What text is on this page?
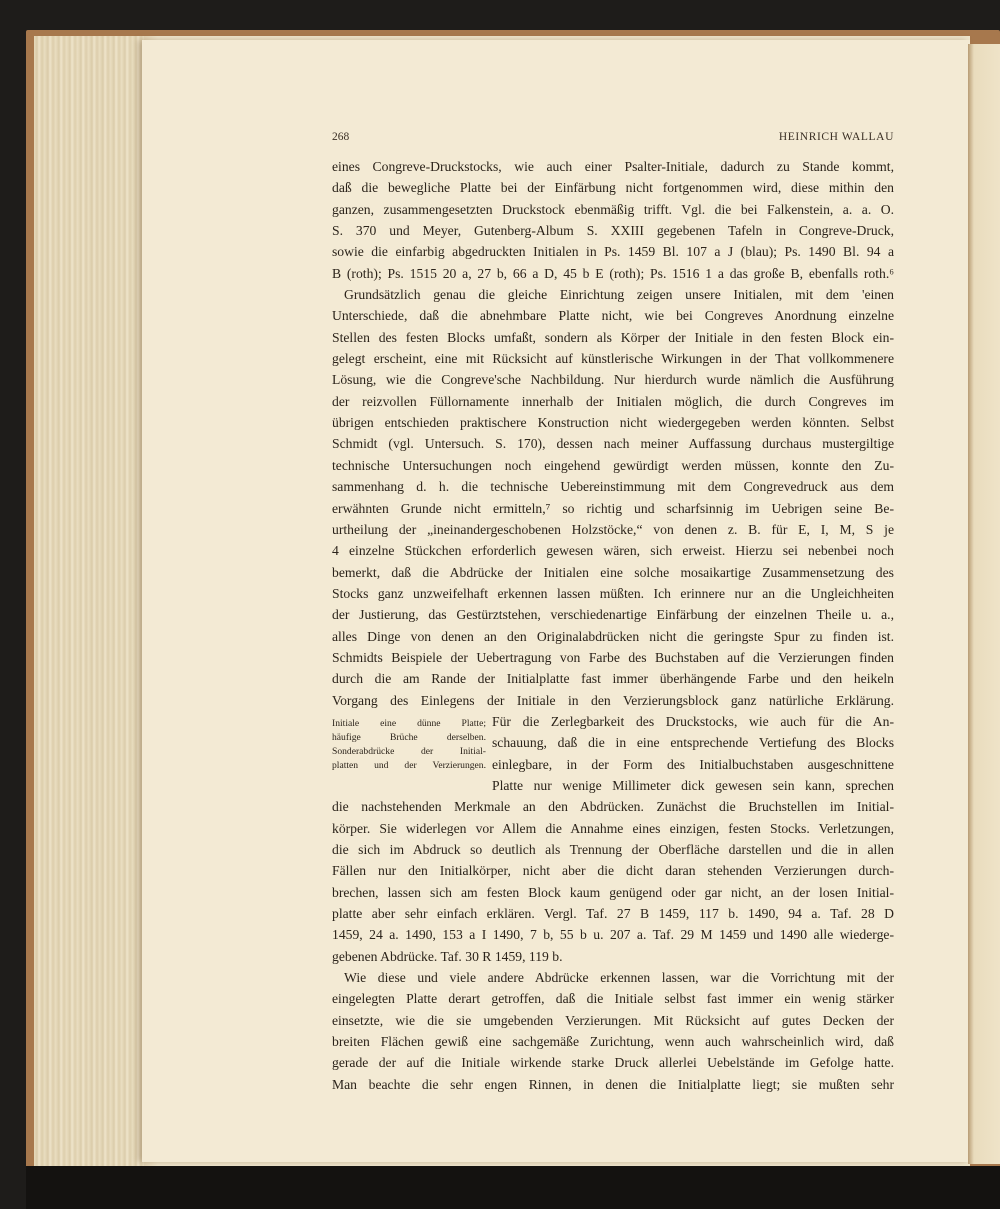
268	HEINRICH WALLAU
eines Congreve-Druckstocks, wie auch einer Psalter-Initiale, dadurch zu Stande kommt,
daß die bewegliche Platte bei der Einfärbung nicht fortgenommen wird, diese mithin den
ganzen, zusammengesetzten Druckstock ebenmäßig trifft. Vgl. die bei Falkenstein, a. a. O.
S. 370 und Meyer, Gutenberg-Album S. XXIII gegebenen Tafeln in Congreve-Druck,
sowie die einfarbig abgedruckten Initialen in Ps. 1459 Bl. 107 a J (blau); Ps. 1490 Bl. 94 a
B (roth); Ps. 1515 20 a, 27 b, 66 a D, 45 b E (roth); Ps. 1516 1 a das große B, ebenfalls roth.⁶
Grundsätzlich genau die gleiche Einrichtung zeigen unsere Initialen, mit dem 'einen
Unterschiede, daß die abnehmbare Platte nicht, wie bei Congreves Anordnung einzelne
Stellen des festen Blocks umfaßt, sondern als Körper der Initiale in den festen Block ein-
gelegt erscheint, eine mit Rücksicht auf künstlerische Wirkungen in der That vollkommenere
Lösung, wie die Congreve'sche Nachbildung. Nur hierdurch wurde nämlich die Ausführung
der reizvollen Füllornamente innerhalb der Initialen möglich, die durch Congreves im
übrigen entschieden praktischere Konstruction nicht wiedergegeben werden könnten. Selbst
Schmidt (vgl. Untersuch. S. 170), dessen nach meiner Auffassung durchaus mustergiltige
technische Untersuchungen noch eingehend gewürdigt werden müssen, konnte den Zu-
sammenhang d. h. die technische Uebereinstimmung mit dem Congrevedruck aus dem
erwähnten Grunde nicht ermitteln,⁷ so richtig und scharfsinnig im Uebrigen seine Be-
urtheilung der „ineinandergeschobenen Holzstöcke,“ von denen z. B. für E, I, M, S je
4 einzelne Stückchen erforderlich gewesen wären, sich erweist. Hierzu sei nebenbei noch
bemerkt, daß die Abdrücke der Initialen eine solche mosaikartige Zusammensetzung des
Stocks ganz unzweifelhaft erkennen lassen müßten. Ich erinnere nur an die Ungleichheiten
der Justierung, das Gestürztstehen, verschiedenartige Einfärbung der einzelnen Theile u. a.,
alles Dinge von denen an den Originalabdrücken nicht die geringste Spur zu finden ist.
Schmidts Beispiele der Uebertragung von Farbe des Buchstaben auf die Verzierungen finden
durch die am Rande der Initialplatte fast immer überhängende Farbe und den heikeln
Vorgang des Einlegens der Initiale in den Verzierungsblock ganz natürliche Erklärung.
Initiale eine dünne Platte;
häufige Brüche derselben.
Sonderabdrücke der Initial-
platten und der Verzierungen.
Für die Zerlegbarkeit des Druckstocks, wie auch für die An-
schauung, daß die in eine entsprechende Vertiefung des Blocks
einlegbare, in der Form des Initialbuchstaben ausgeschnittene
Platte nur wenige Millimeter dick gewesen sein kann, sprechen
die nachstehenden Merkmale an den Abdrücken. Zunächst die Bruchstellen im Initial-
körper. Sie widerlegen vor Allem die Annahme eines einzigen, festen Stocks. Verletzungen,
die sich im Abdruck so deutlich als Trennung der Oberfläche darstellen und die in allen
Fällen nur den Initialkörper, nicht aber die dicht daran stehenden Verzierungen durch-
brechen, lassen sich am festen Block kaum genügend oder gar nicht, an der losen Initial-
platte aber sehr einfach erklären. Vergl. Taf. 27 B 1459, 117 b. 1490, 94 a. Taf. 28 D
1459, 24 a. 1490, 153 a I 1490, 7 b, 55 b u. 207 a. Taf. 29 M 1459 und 1490 alle wiederge-
gebenen Abdrücke. Taf. 30 R 1459, 119 b.
Wie diese und viele andere Abdrücke erkennen lassen, war die Vorrichtung mit der
eingelegten Platte derart getroffen, daß die Initiale selbst fast immer ein wenig stärker
einsetzte, wie die sie umgebenden Verzierungen. Mit Rücksicht auf gutes Decken der
breiten Flächen gewiß eine sachgemäße Zurichtung, wenn auch wahrscheinlich wird, daß
gerade der auf die Initiale wirkende starke Druck allerlei Uebelstände im Gefolge hatte.
Man beachte die sehr engen Rinnen, in denen die Initialplatte liegt; sie mußten sehr
